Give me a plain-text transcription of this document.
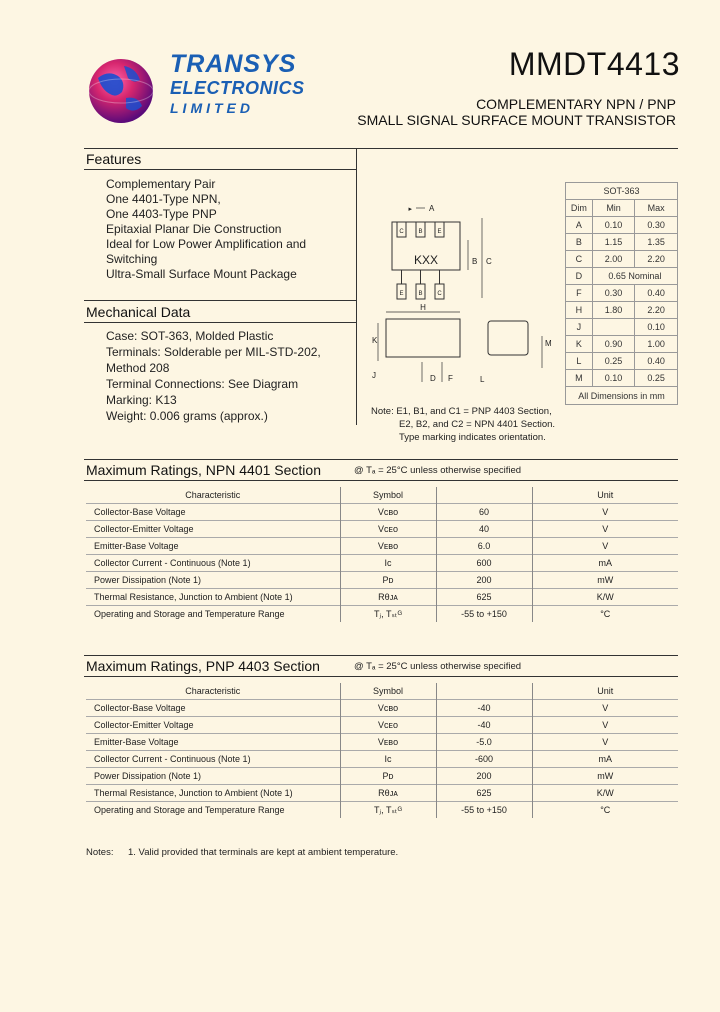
TRANSYS
ELECTRONICS
LIMITED
MMDT4413
COMPLEMENTARY NPN / PNP
SMALL SIGNAL SURFACE MOUNT TRANSISTOR
Features
Complementary Pair
One 4401-Type NPN,
One 4403-Type PNP
Epitaxial Planar Die Construction
Ideal for Low Power Amplification and
Switching
Ultra-Small Surface Mount Package
Mechanical Data
Case: SOT-363, Molded Plastic
Terminals: Solderable per MIL-STD-202,
Method 208
Terminal Connections: See Diagram
Marking: K13
Weight: 0.006 grams (approx.)
KXX
C B E
E B C
▸ A
B C
H
K
J	D F
M
L
SOT-363		
Dim	Min	Max
A	0.10	0.30
B	1.15	1.35
C	2.00	2.20
D	0.65 Nominal	
F	0.30	0.40
H	1.80	2.20
J		0.10
K	0.90	1.00
L	0.25	0.40
M	0.10	0.25
All Dimensions in mm		
Note: E1, B1, and C1 = PNP 4403 Section,
E2, B2, and C2 = NPN 4401 Section.
Type marking indicates orientation.
Maximum Ratings, NPN 4401 Section	@ Tₐ = 25°C unless otherwise specified
Characteristic	Symbol		Unit
Collector-Base Voltage	Vᴄʙᴏ	60	V
Collector-Emitter Voltage	Vᴄᴇᴏ	40	V
Emitter-Base Voltage	Vᴇʙᴏ	6.0	V
Collector Current - Continuous (Note 1)	Iᴄ	600	mA
Power Dissipation (Note 1)	Pᴅ	200	mW
Thermal Resistance, Junction to Ambient (Note 1)	Rθᴊᴀ	625	K/W
Operating and Storage and Temperature Range	Tⱼ, Tₛₜᴳ	-55 to +150	°C
Maximum Ratings, PNP 4403 Section	@ Tₐ = 25°C unless otherwise specified
Characteristic	Symbol		Unit
Collector-Base Voltage	Vᴄʙᴏ	-40	V
Collector-Emitter Voltage	Vᴄᴇᴏ	-40	V
Emitter-Base Voltage	Vᴇʙᴏ	-5.0	V
Collector Current - Continuous (Note 1)	Iᴄ	-600	mA
Power Dissipation (Note 1)	Pᴅ	200	mW
Thermal Resistance, Junction to Ambient (Note 1)	Rθᴊᴀ	625	K/W
Operating and Storage and Temperature Range	Tⱼ, Tₛₜᴳ	-55 to +150	°C
Notes: 1. Valid provided that terminals are kept at ambient temperature.
